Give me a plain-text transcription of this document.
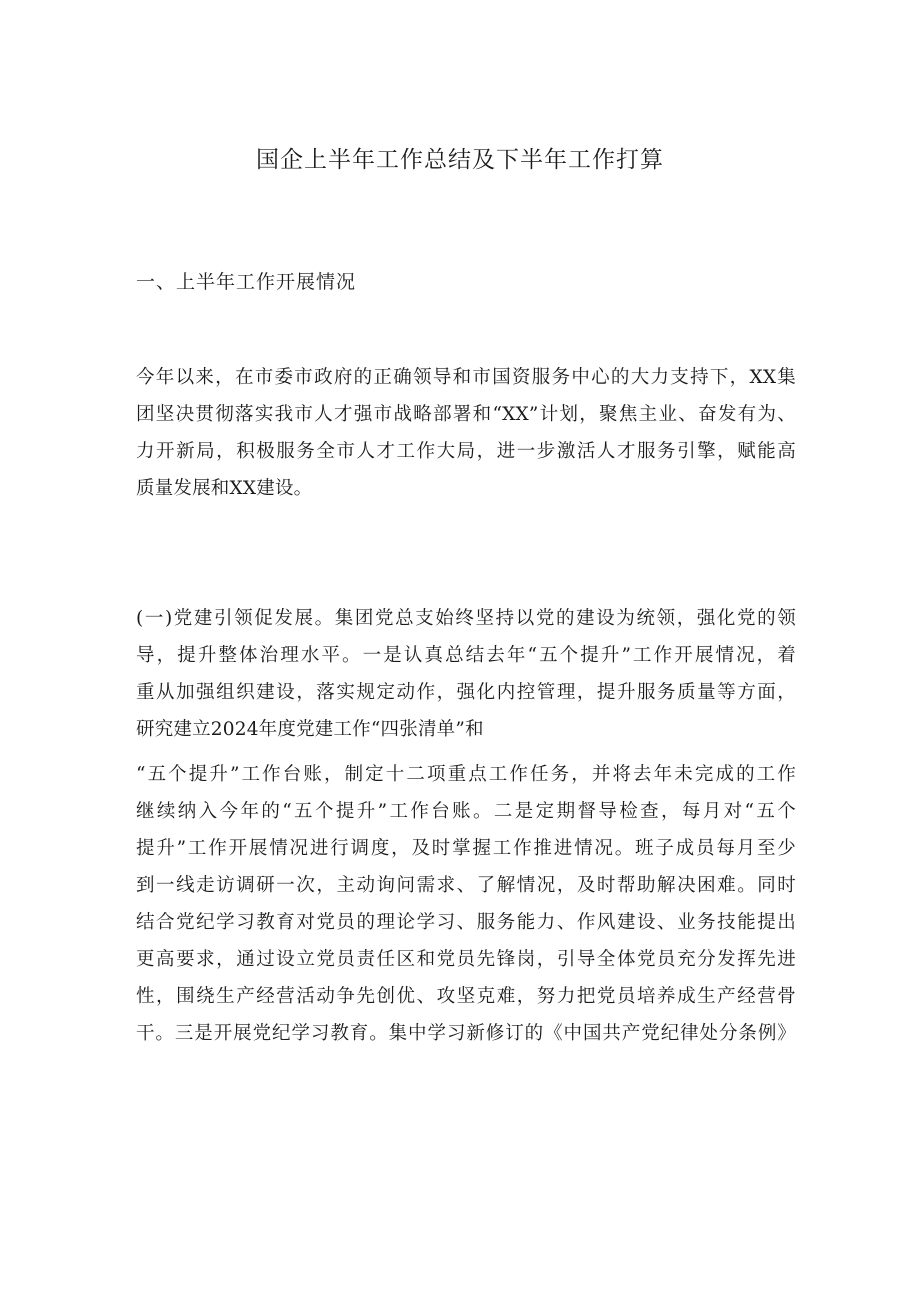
国企上半年工作总结及下半年工作打算
一、上半年工作开展情况
今年以来，在市委市政府的正确领导和市国资服务中心的大力支持下，XX集
团坚决贯彻落实我市人才强市战略部署和“XX”计划，聚焦主业、奋发有为、
力开新局，积极服务全市人才工作大局，进一步激活人才服务引擎，赋能高
质量发展和XX建设。
(一)党建引领促发展。集团党总支始终坚持以党的建设为统领，强化党的领
导，提升整体治理水平。一是认真总结去年“五个提升”工作开展情况，着
重从加强组织建设，落实规定动作，强化内控管理，提升服务质量等方面，
研究建立2024年度党建工作“四张清单”和
“五个提升”工作台账，制定十二项重点工作任务，并将去年未完成的工作
继续纳入今年的“五个提升”工作台账。二是定期督导检查，每月对“五个
提升”工作开展情况进行调度，及时掌握工作推进情况。班子成员每月至少
到一线走访调研一次，主动询问需求、了解情况，及时帮助解决困难。同时
结合党纪学习教育对党员的理论学习、服务能力、作风建设、业务技能提出
更高要求，通过设立党员责任区和党员先锋岗，引导全体党员充分发挥先进
性，围绕生产经营活动争先创优、攻坚克难，努力把党员培养成生产经营骨
干。三是开展党纪学习教育。集中学习新修订的《中国共产党纪律处分条例》
